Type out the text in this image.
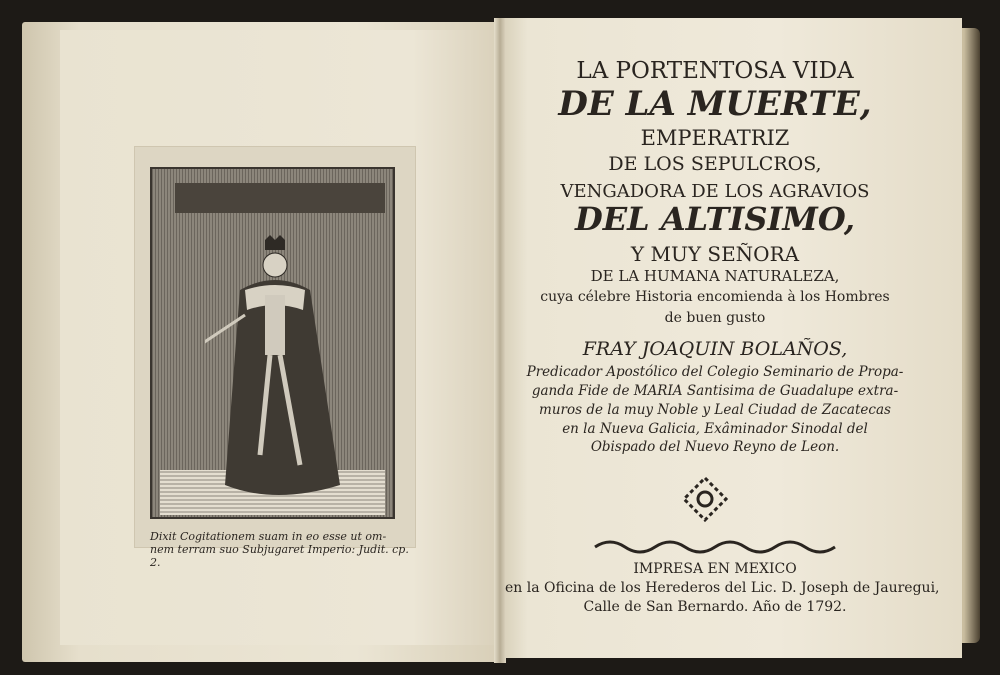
Dixit Cogitationem suam in eo esse ut om-
nem terram suo Subjugaret Imperio: Judit. cp. 2.
LA PORTENTOSA VIDA
DE LA MUERTE,
EMPERATRIZ
DE LOS SEPULCROS,
VENGADORA DE LOS AGRAVIOS
DEL ALTISIMO,
Y MUY SEÑORA
DE LA HUMANA NATURALEZA,
cuya célebre Historia encomienda à los Hombres
de buen gusto
FRAY JOAQUIN BOLAÑOS,
Predicador Apostólico del Colegio Seminario de Propa-
ganda Fide de MARIA Santisima de Guadalupe extra-
muros de la muy Noble y Leal Ciudad de Zacatecas
en la Nueva Galicia, Exâminador Sinodal del
Obispado del Nuevo Reyno de Leon.
IMPRESA EN MEXICO
en la Oficina de los Herederos del Lic. D. Joseph de Jauregui,
Calle de San Bernardo. Año de 1792.
